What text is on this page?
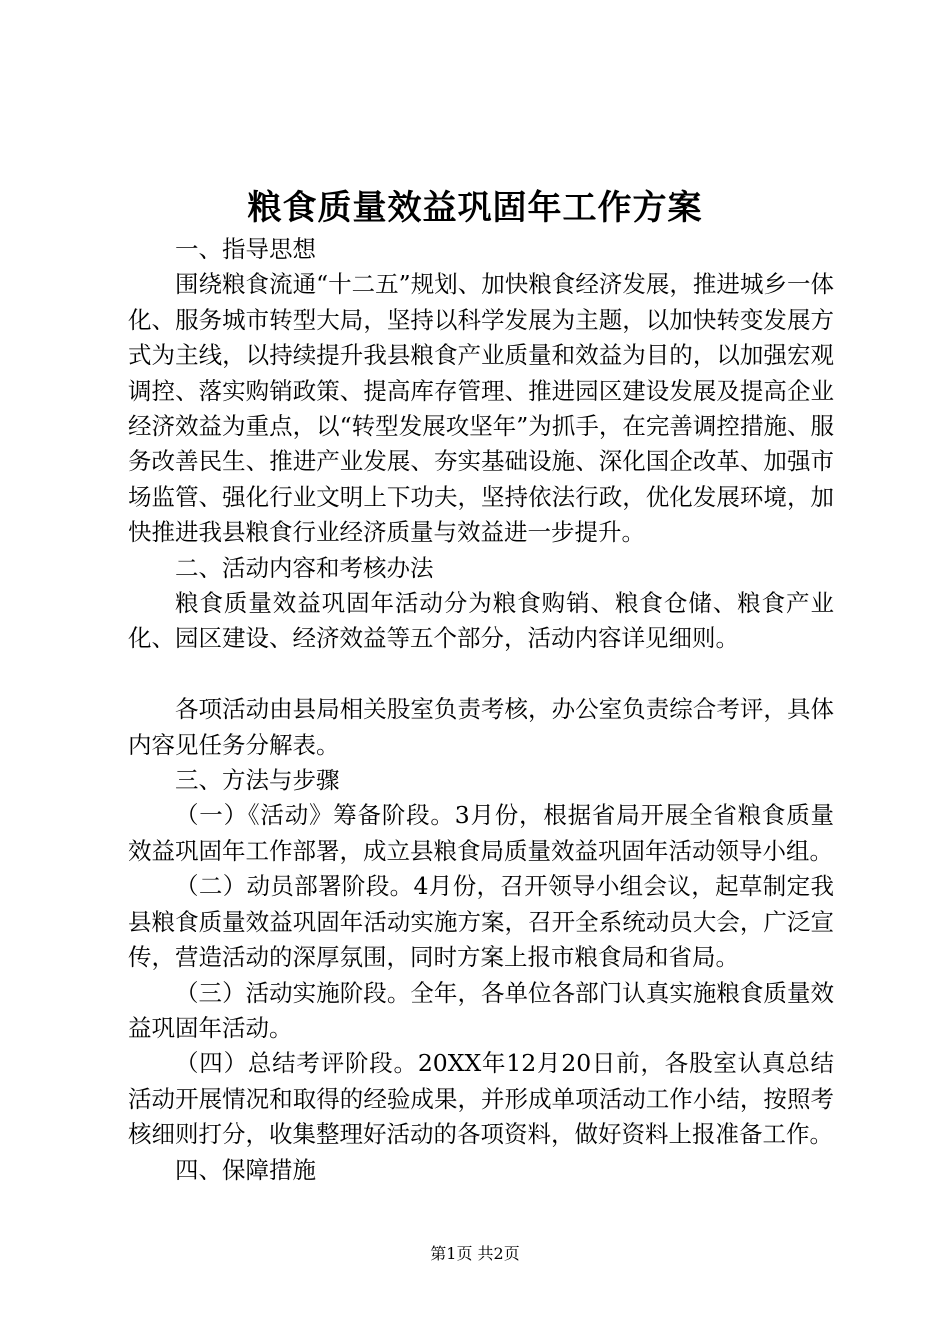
粮食质量效益巩固年工作方案

一、指导思想

围绕粮食流通“十二五”规划、加快粮食经济发展，推进城乡一体化、服务城市转型大局，坚持以科学发展为主题，以加快转变发展方式为主线，以持续提升我县粮食产业质量和效益为目的，以加强宏观调控、落实购销政策、提高库存管理、推进园区建设发展及提高企业经济效益为重点，以“转型发展攻坚年”为抓手，在完善调控措施、服务改善民生、推进产业发展、夯实基础设施、深化国企改革、加强市场监管、强化行业文明上下功夫，坚持依法行政，优化发展环境，加快推进我县粮食行业经济质量与效益进一步提升。

二、活动内容和考核办法

粮食质量效益巩固年活动分为粮食购销、粮食仓储、粮食产业化、园区建设、经济效益等五个部分，活动内容详见细则。

各项活动由县局相关股室负责考核，办公室负责综合考评，具体内容见任务分解表。

三、方法与步骤

（一）《活动》筹备阶段。3月份，根据省局开展全省粮食质量效益巩固年工作部署，成立县粮食局质量效益巩固年活动领导小组。

（二）动员部署阶段。4月份，召开领导小组会议，起草制定我县粮食质量效益巩固年活动实施方案，召开全系统动员大会，广泛宣传，营造活动的深厚氛围，同时方案上报市粮食局和省局。

（三）活动实施阶段。全年，各单位各部门认真实施粮食质量效益巩固年活动。

（四）总结考评阶段。20XX年12月20日前，各股室认真总结活动开展情况和取得的经验成果，并形成单项活动工作小结，按照考核细则打分，收集整理好活动的各项资料，做好资料上报准备工作。

四、保障措施

第1页 共2页
